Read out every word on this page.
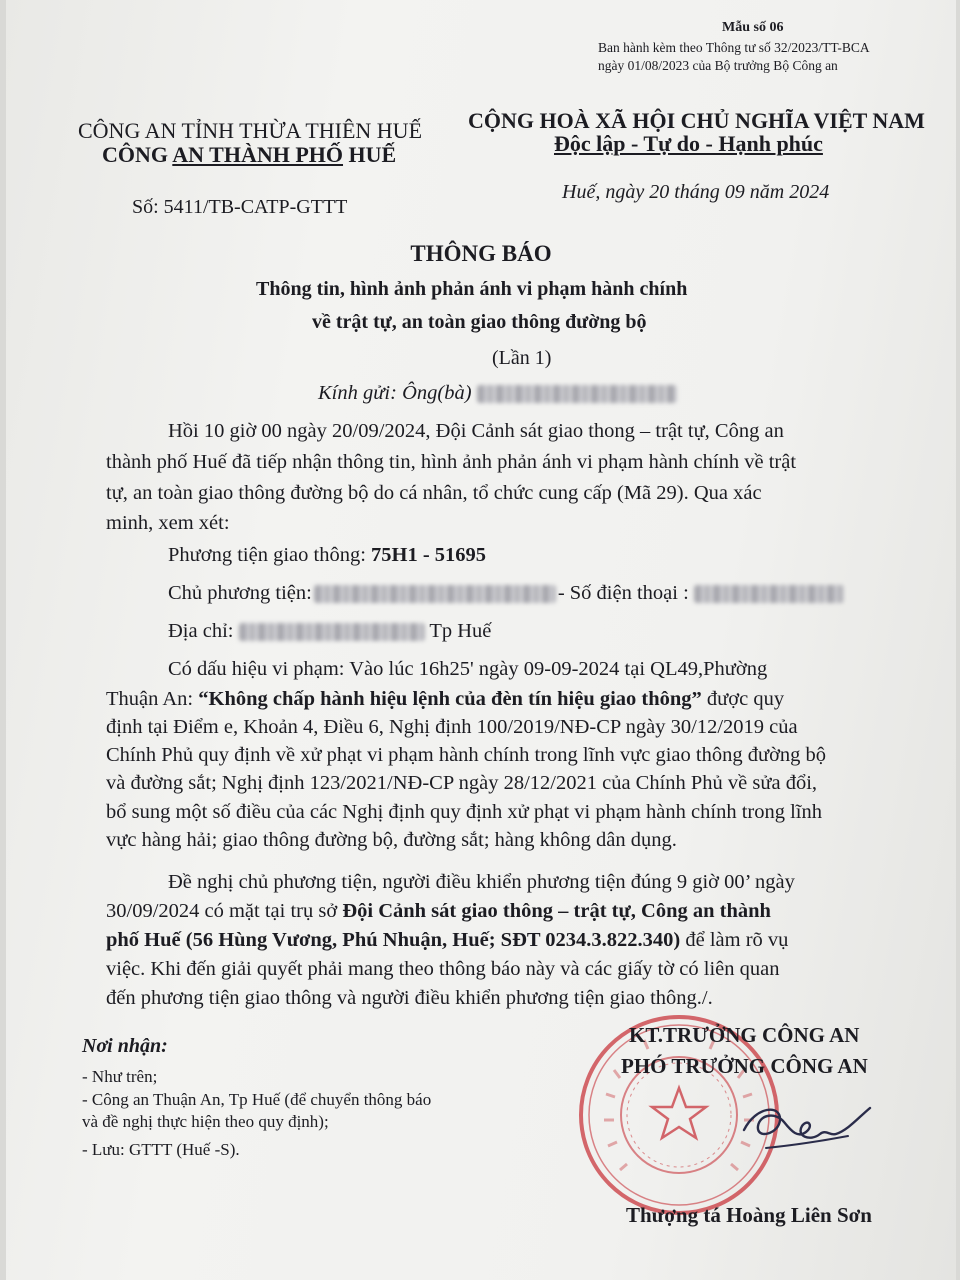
Mẫu số 06
Ban hành kèm theo Thông tư số 32/2023/TT-BCA
ngày 01/08/2023 của Bộ trưởng Bộ Công an
CÔNG AN TỈNH THỪA THIÊN HUẾ
CÔNG AN THÀNH PHỐ HUẾ
CỘNG HOÀ XÃ HỘI CHỦ NGHĨA VIỆT NAM
Độc lập - Tự do - Hạnh phúc
Số: 5411/TB-CATP-GTTT
Huế, ngày 20 tháng 09 năm 2024
THÔNG BÁO
Thông tin, hình ảnh phản ánh vi phạm hành chính
về trật tự, an toàn giao thông đường bộ
(Lần 1)
Kính gửi: Ông(bà)
Hồi 10 giờ 00 ngày 20/09/2024, Đội Cảnh sát giao thong – trật tự, Công an
thành phố Huế đã tiếp nhận thông tin, hình ảnh phản ánh vi phạm hành chính về trật
tự, an toàn giao thông đường bộ do cá nhân, tổ chức cung cấp (Mã 29). Qua xác
minh, xem xét:
Phương tiện giao thông: 75H1 - 51695
Chủ phương tiện:	- Số điện thoại :
Địa chỉ:	Tp Huế
Có dấu hiệu vi phạm: Vào lúc 16h25' ngày 09-09-2024 tại QL49,Phường
Thuận An: “Không chấp hành hiệu lệnh của đèn tín hiệu giao thông” được quy
định tại Điểm e, Khoản 4, Điều 6, Nghị định 100/2019/NĐ-CP ngày 30/12/2019 của
Chính Phủ quy định về xử phạt vi phạm hành chính trong lĩnh vực giao thông đường bộ
và đường sắt; Nghị định 123/2021/NĐ-CP ngày 28/12/2021 của Chính Phủ về sửa đổi,
bổ sung một số điều của các Nghị định quy định xử phạt vi phạm hành chính trong lĩnh
vực hàng hải; giao thông đường bộ, đường sắt; hàng không dân dụng.
Đề nghị chủ phương tiện, người điều khiển phương tiện đúng 9 giờ 00’ ngày
30/09/2024 có mặt tại trụ sở Đội Cảnh sát giao thông – trật tự, Công an thành
phố Huế (56 Hùng Vương, Phú Nhuận, Huế; SĐT 0234.3.822.340) để làm rõ vụ
việc. Khi đến giải quyết phải mang theo thông báo này và các giấy tờ có liên quan
đến phương tiện giao thông và người điều khiển phương tiện giao thông./.
Nơi nhận:
- Như trên;
- Công an Thuận An, Tp Huế (để chuyển thông báo
và đề nghị thực hiện theo quy định);
- Lưu: GTTT (Huế -S).
KT.TRƯỞNG CÔNG AN
PHÓ TRƯỞNG CÔNG AN
Thượng tá Hoàng Liên Sơn
